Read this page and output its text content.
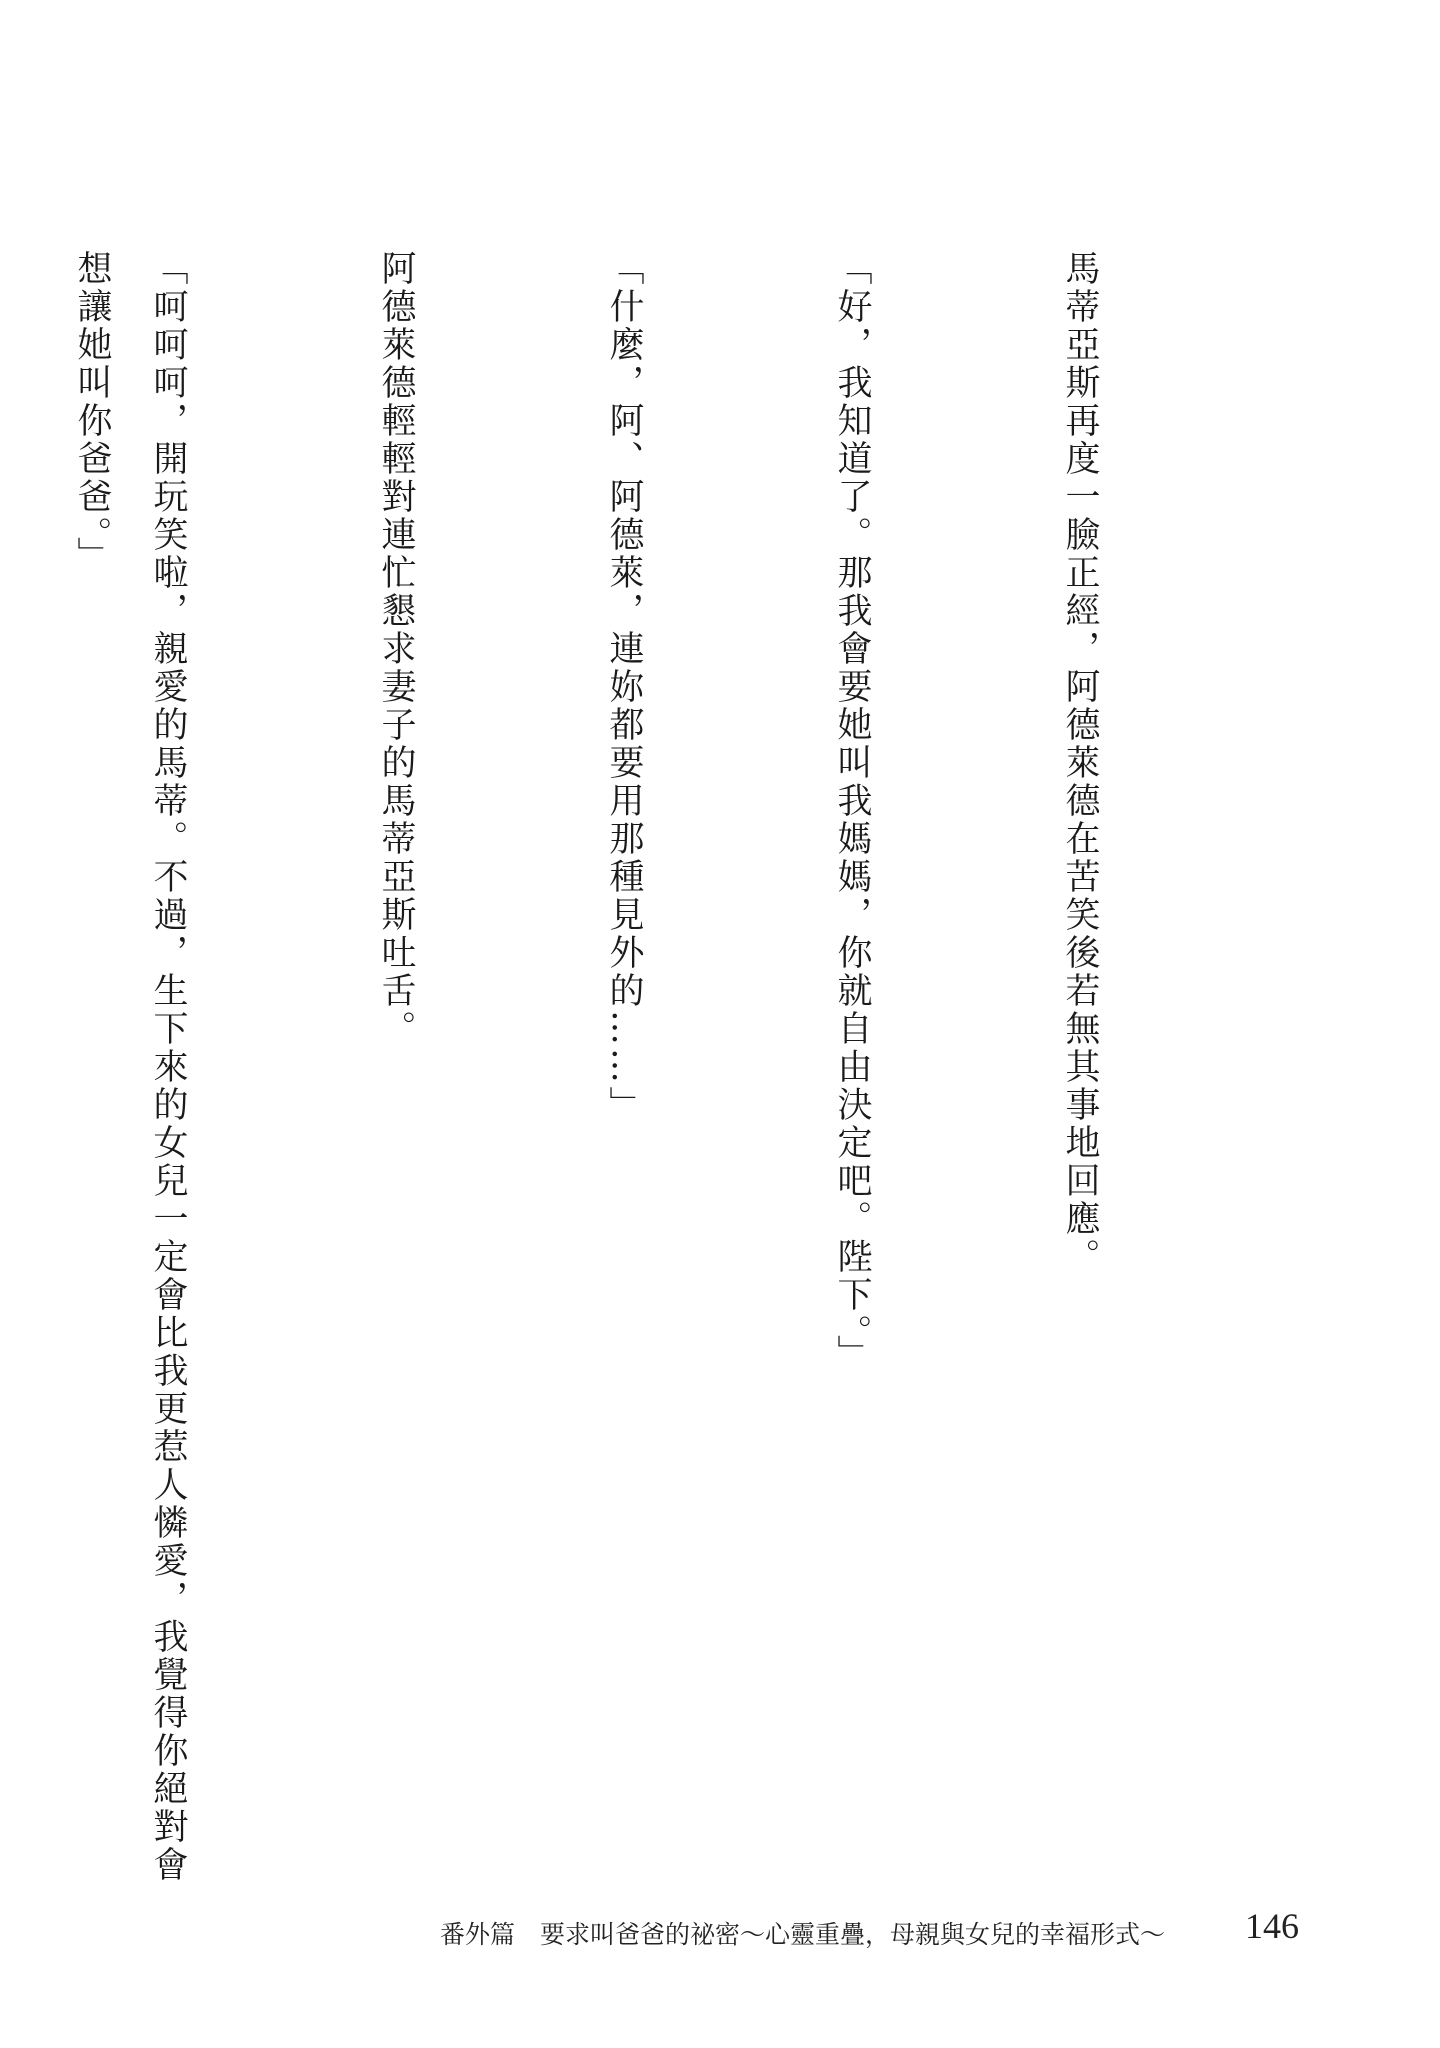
馬蒂亞斯再度一臉正經，阿德萊德在苦笑後若無其事地回應。

「好，我知道了。那我會要她叫我媽媽，你就自由決定吧。陛下。」

「什麼，阿、阿德萊，連妳都要用那種見外的……」

阿德萊德輕輕對連忙懇求妻子的馬蒂亞斯吐舌。

「呵呵呵，開玩笑啦，親愛的馬蒂。不過，生下來的女兒一定會比我更惹人憐愛，我覺得你絕對會想讓她叫你爸爸。」

番外篇　要求叫爸爸的祕密～心靈重疊，母親與女兒的幸福形式～ 146
